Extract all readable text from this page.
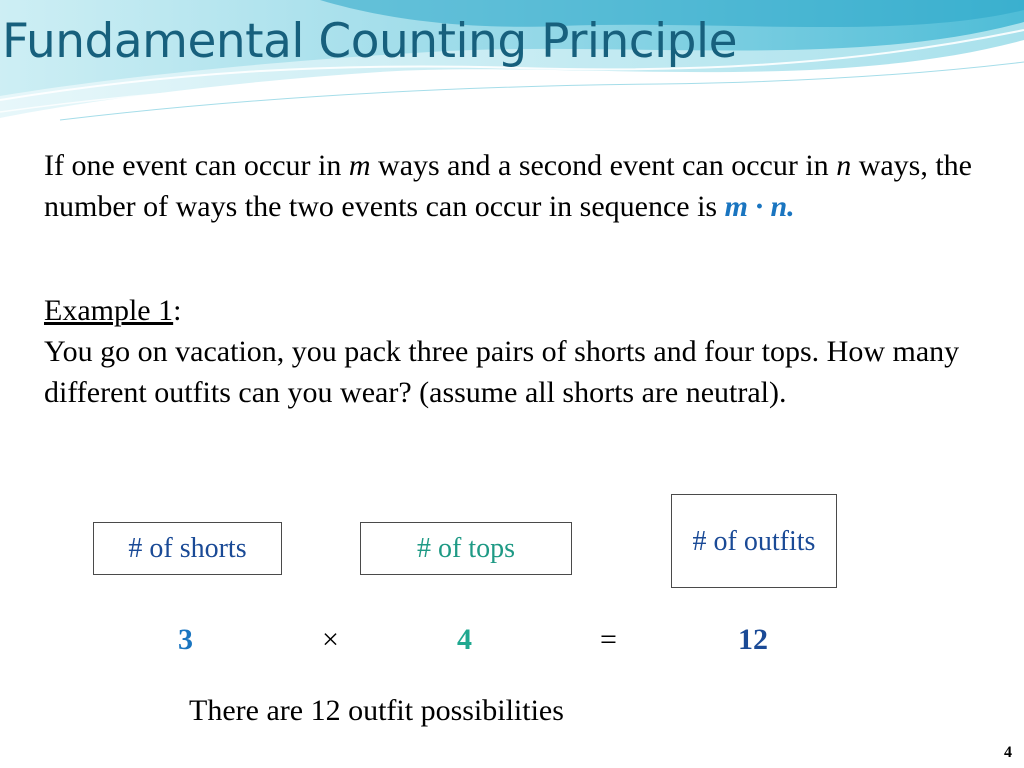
Fundamental Counting Principle

If one event can occur in m ways and a second event can occur in n ways, the number of ways the two events can occur in sequence is m · n.

Example 1:
You go on vacation, you pack three pairs of shorts and four tops. How many different outfits can you wear? (assume all shorts are neutral).
# of shorts	# of tops	# of outfits
3	×	4	=	12

There are 12 outfit possibilities

4
